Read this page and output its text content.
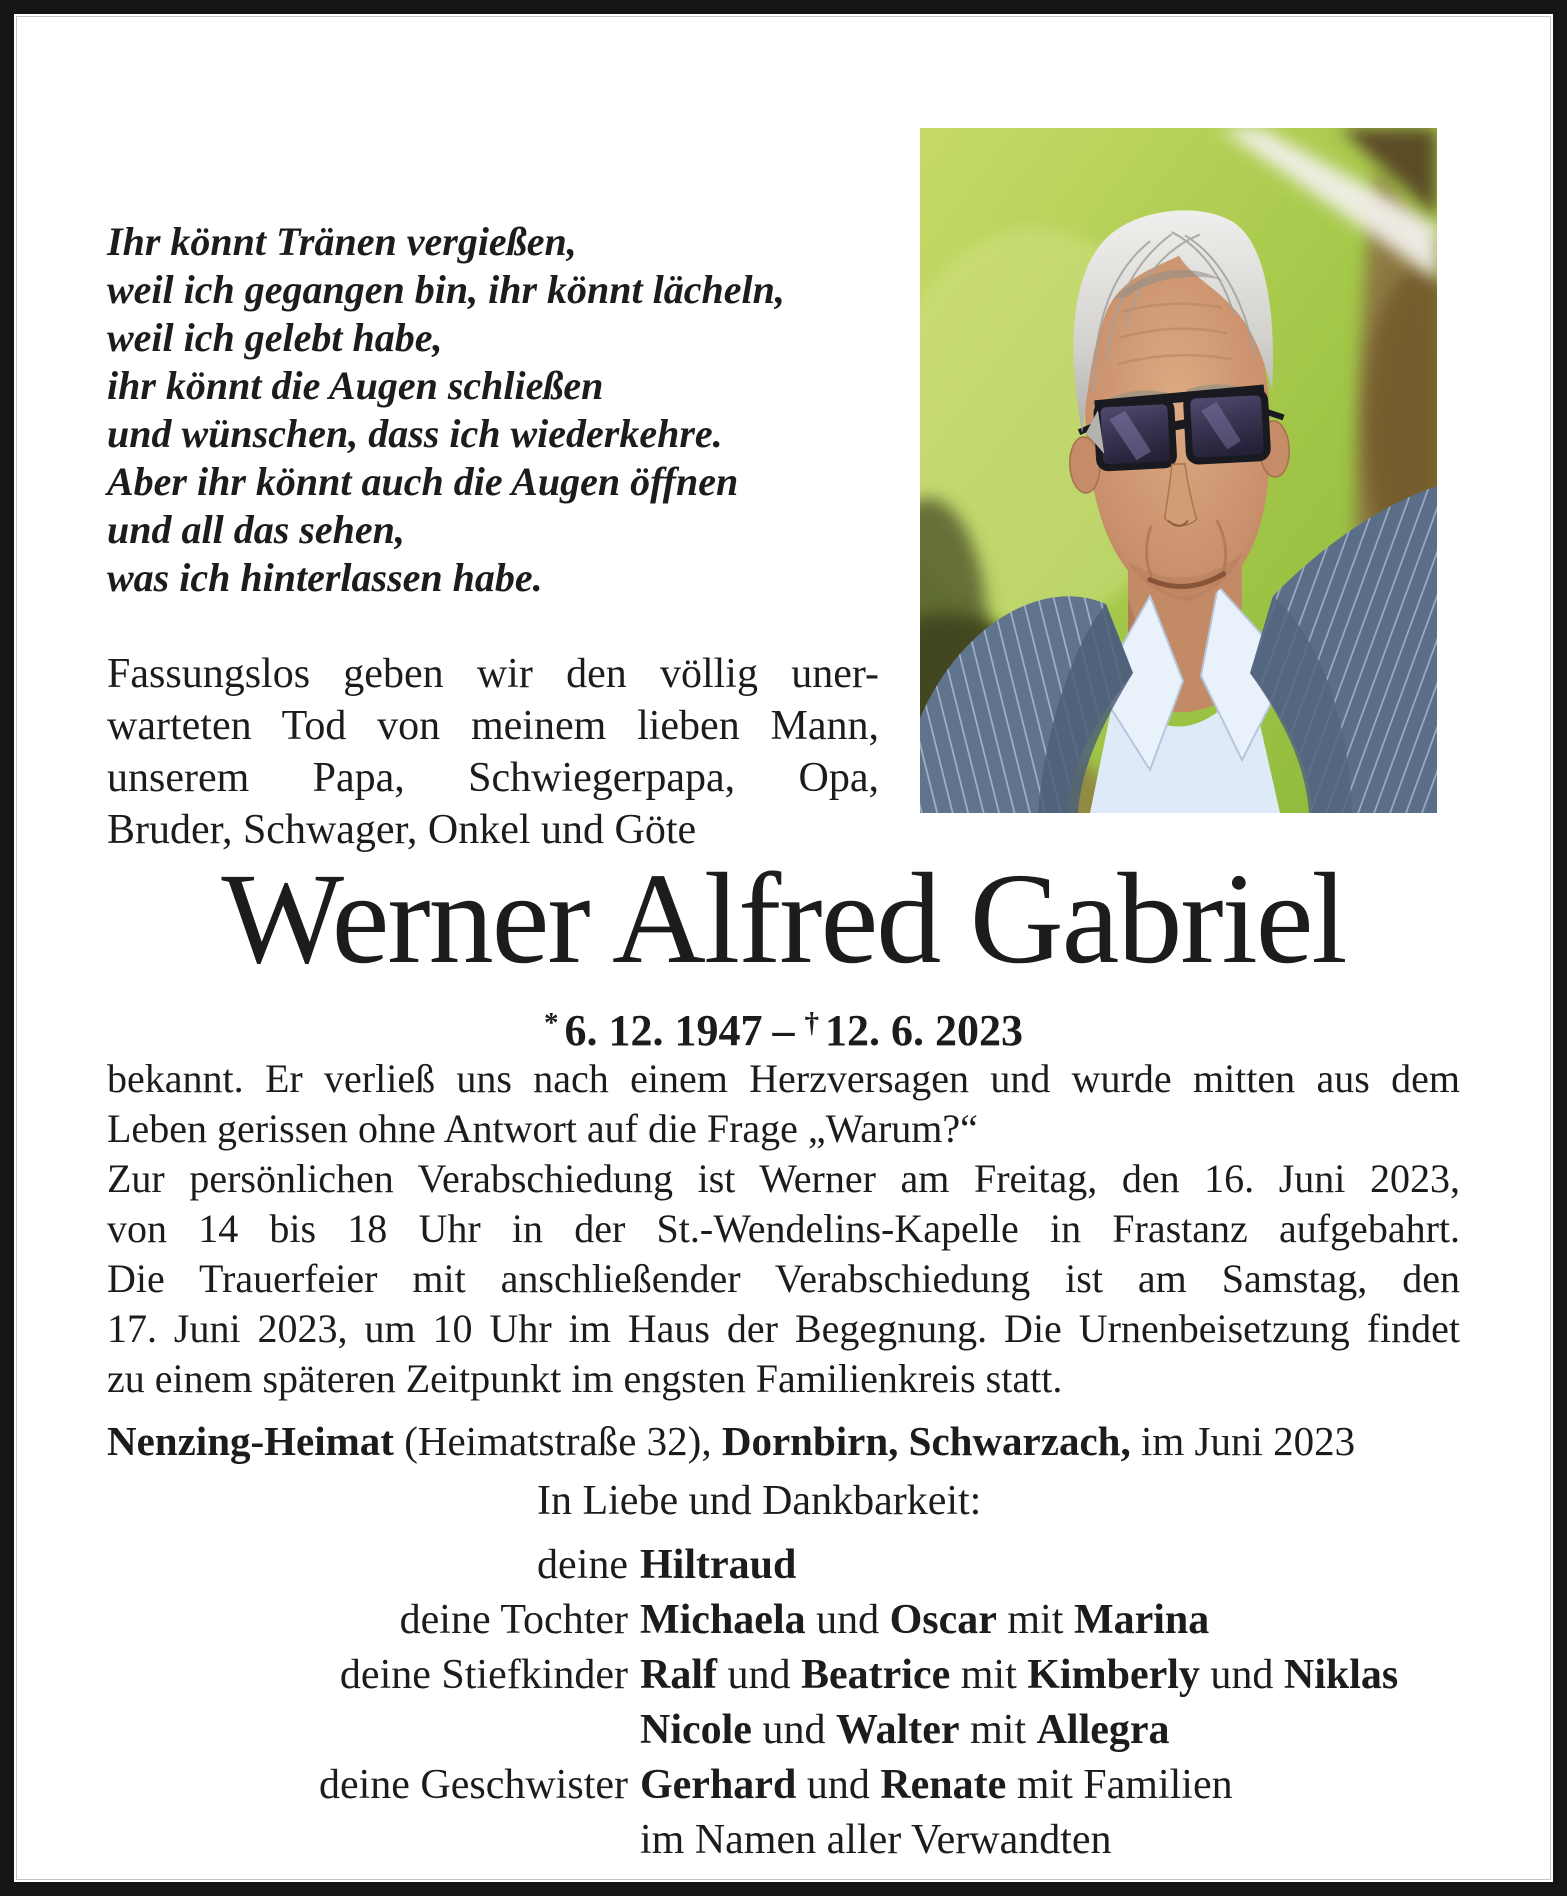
Ihr könnt Tränen vergießen,
weil ich gegangen bin, ihr könnt lächeln,
weil ich gelebt habe,
ihr könnt die Augen schließen
und wünschen, dass ich wiederkehre.
Aber ihr könnt auch die Augen öffnen
und all das sehen,
was ich hinterlassen habe.
Fassungslos geben wir den völlig uner-
warteten Tod von meinem lieben Mann,
unserem Papa, Schwiegerpapa, Opa,
Bruder, Schwager, Onkel und Göte
Werner Alfred Gabriel
* 6. 12. 1947 – † 12. 6. 2023
bekannt. Er verließ uns nach einem Herzversagen und wurde mitten aus dem
Leben gerissen ohne Antwort auf die Frage „Warum?“
Zur persönlichen Verabschiedung ist Werner am Freitag, den 16. Juni 2023,
von 14 bis 18 Uhr in der St.-Wendelins-Kapelle in Frastanz aufgebahrt.
Die Trauerfeier mit anschließender Verabschiedung ist am Samstag, den
17. Juni 2023, um 10 Uhr im Haus der Begegnung. Die Urnenbeisetzung findet
zu einem späteren Zeitpunkt im engsten Familienkreis statt.
Nenzing-Heimat (Heimatstraße 32), Dornbirn, Schwarzach, im Juni 2023
In Liebe und Dankbarkeit:
deine Hiltraud
deine Tochter Michaela und Oscar mit Marina
deine Stiefkinder Ralf und Beatrice mit Kimberly und Niklas
Nicole und Walter mit Allegra
deine Geschwister Gerhard und Renate mit Familien
im Namen aller Verwandten
